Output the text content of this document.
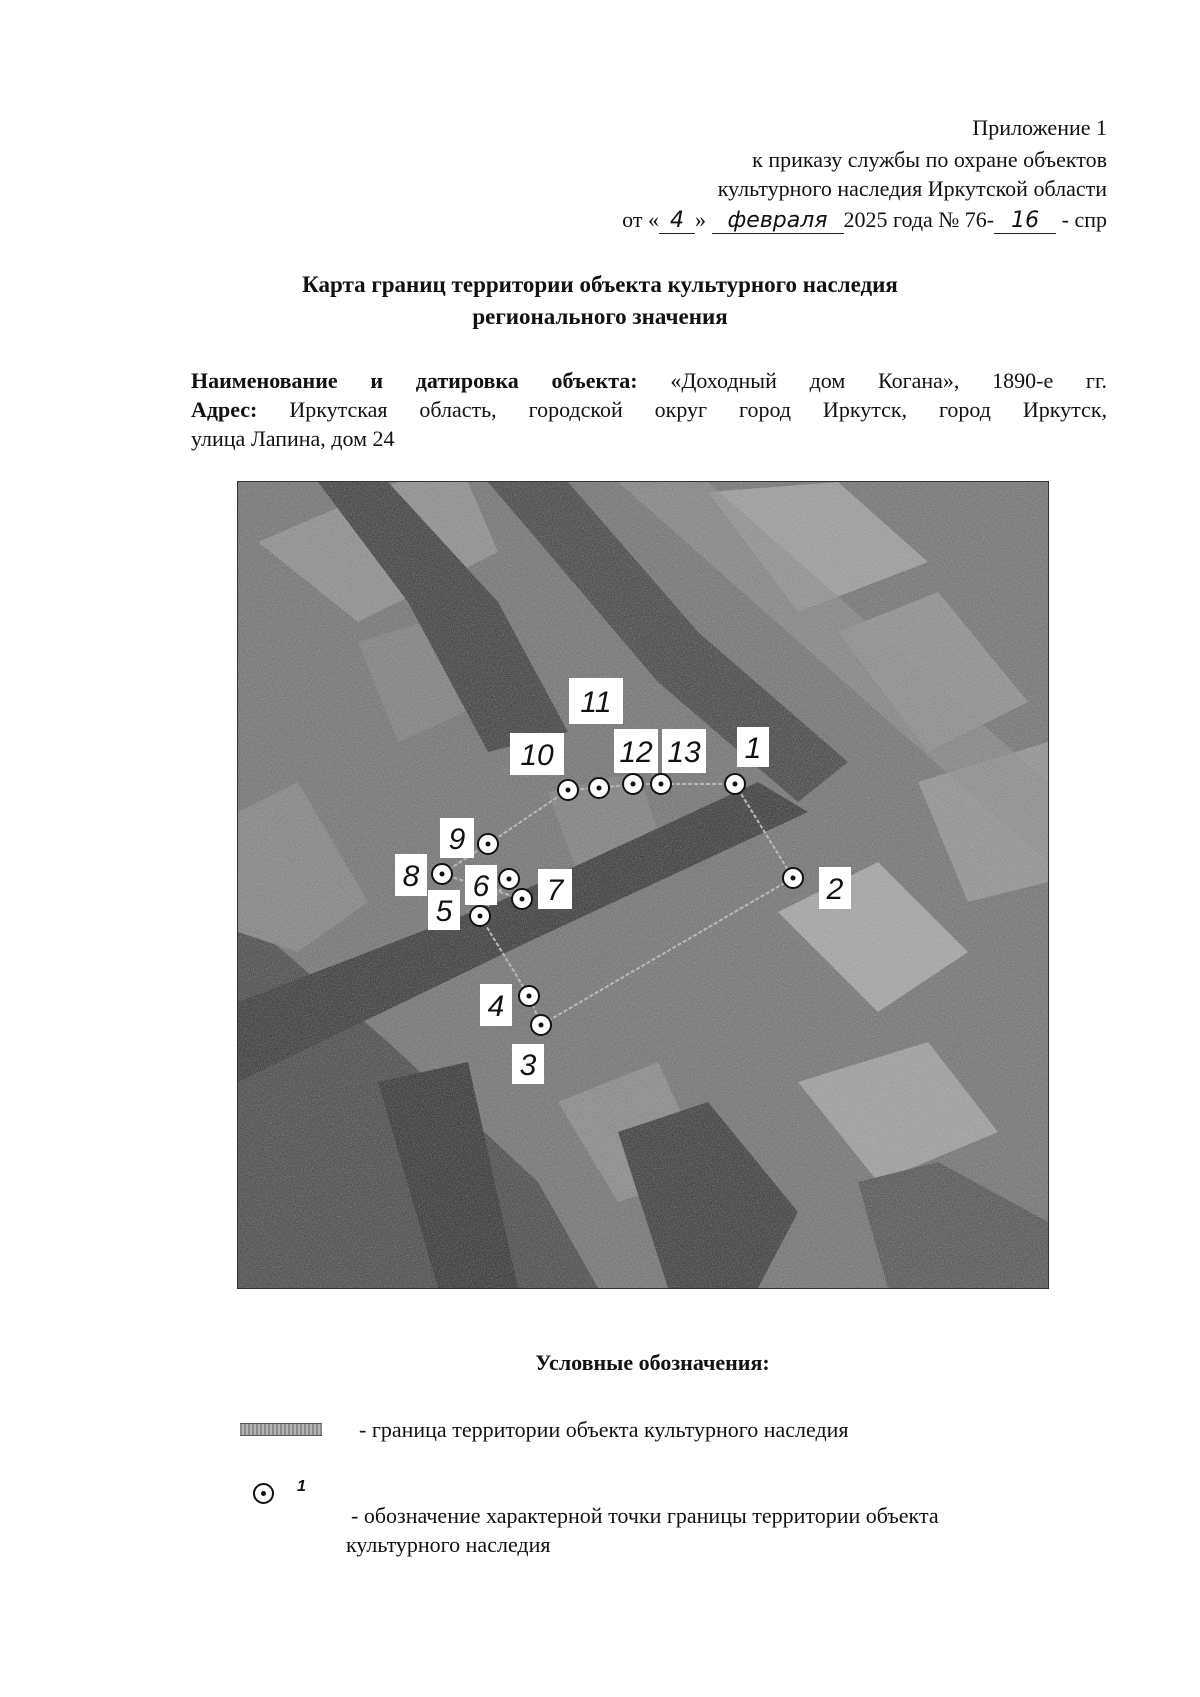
Приложение 1
к приказу службы по охране объектов
культурного наследия Иркутской области
от « 4 » февраля 2025 года № 76- 16 - спр
Карта границ территории объекта культурного наследия
регионального значения
Наименование и датировка объекта: «Доходный дом Когана», 1890-е гг.
Адрес: Иркутская область, городской округ город Иркутск, город Иркутск,
улица Лапина, дом 24
1
2
3
4
5
6 7
8
9
10
11
12 13
Условные обозначения:
- граница территории объекта культурного наследия
1
- обозначение характерной точки границы территории объекта
культурного наследия
